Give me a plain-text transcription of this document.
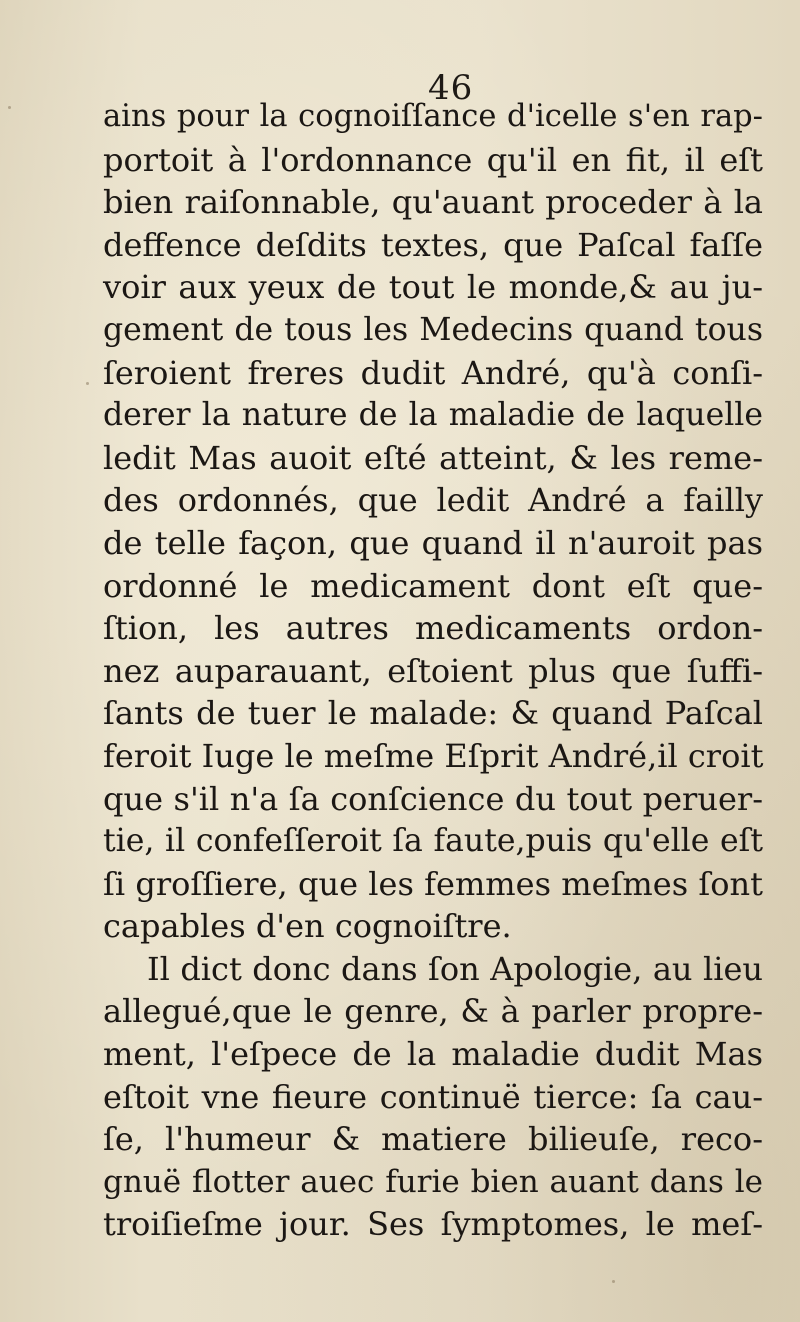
46
ains pour la cognoiſſance d'icelle s'en rap-
portoit à l'ordonnance qu'il en fit, il eſt
bien raiſonnable, qu'auant proceder à la
deffence deſdits textes, que Paſcal faſſe
voir aux yeux de tout le monde,& au ju-
gement de tous les Medecins quand tous
ſeroient freres dudit André, qu'à conſi-
derer la nature de la maladie de laquelle
ledit Mas auoit eſté atteint, & les reme-
des ordonnés, que ledit André a failly
de telle façon, que quand il n'auroit pas
ordonné le medicament dont eſt que-
ſtion, les autres medicaments ordon-
nez auparauant, eſtoient plus que ſuffi-
ſants de tuer le malade: & quand Paſcal
feroit Iuge le meſme Eſprit André,il croit
que s'il n'a ſa conſcience du tout peruer-
tie, il confeſſeroit ſa faute,puis qu'elle eſt
ſi groſſiere, que les femmes meſmes ſont
capables d'en cognoiſtre.
Il dict donc dans ſon Apologie, au lieu
allegué,que le genre, & à parler propre-
ment, l'eſpece de la maladie dudit Mas
eſtoit vne fieure continuë tierce: ſa cau-
ſe, l'humeur & matiere bilieuſe, reco-
gnuë flotter auec furie bien auant dans le
troiſieſme jour. Ses ſymptomes, le meſ-
